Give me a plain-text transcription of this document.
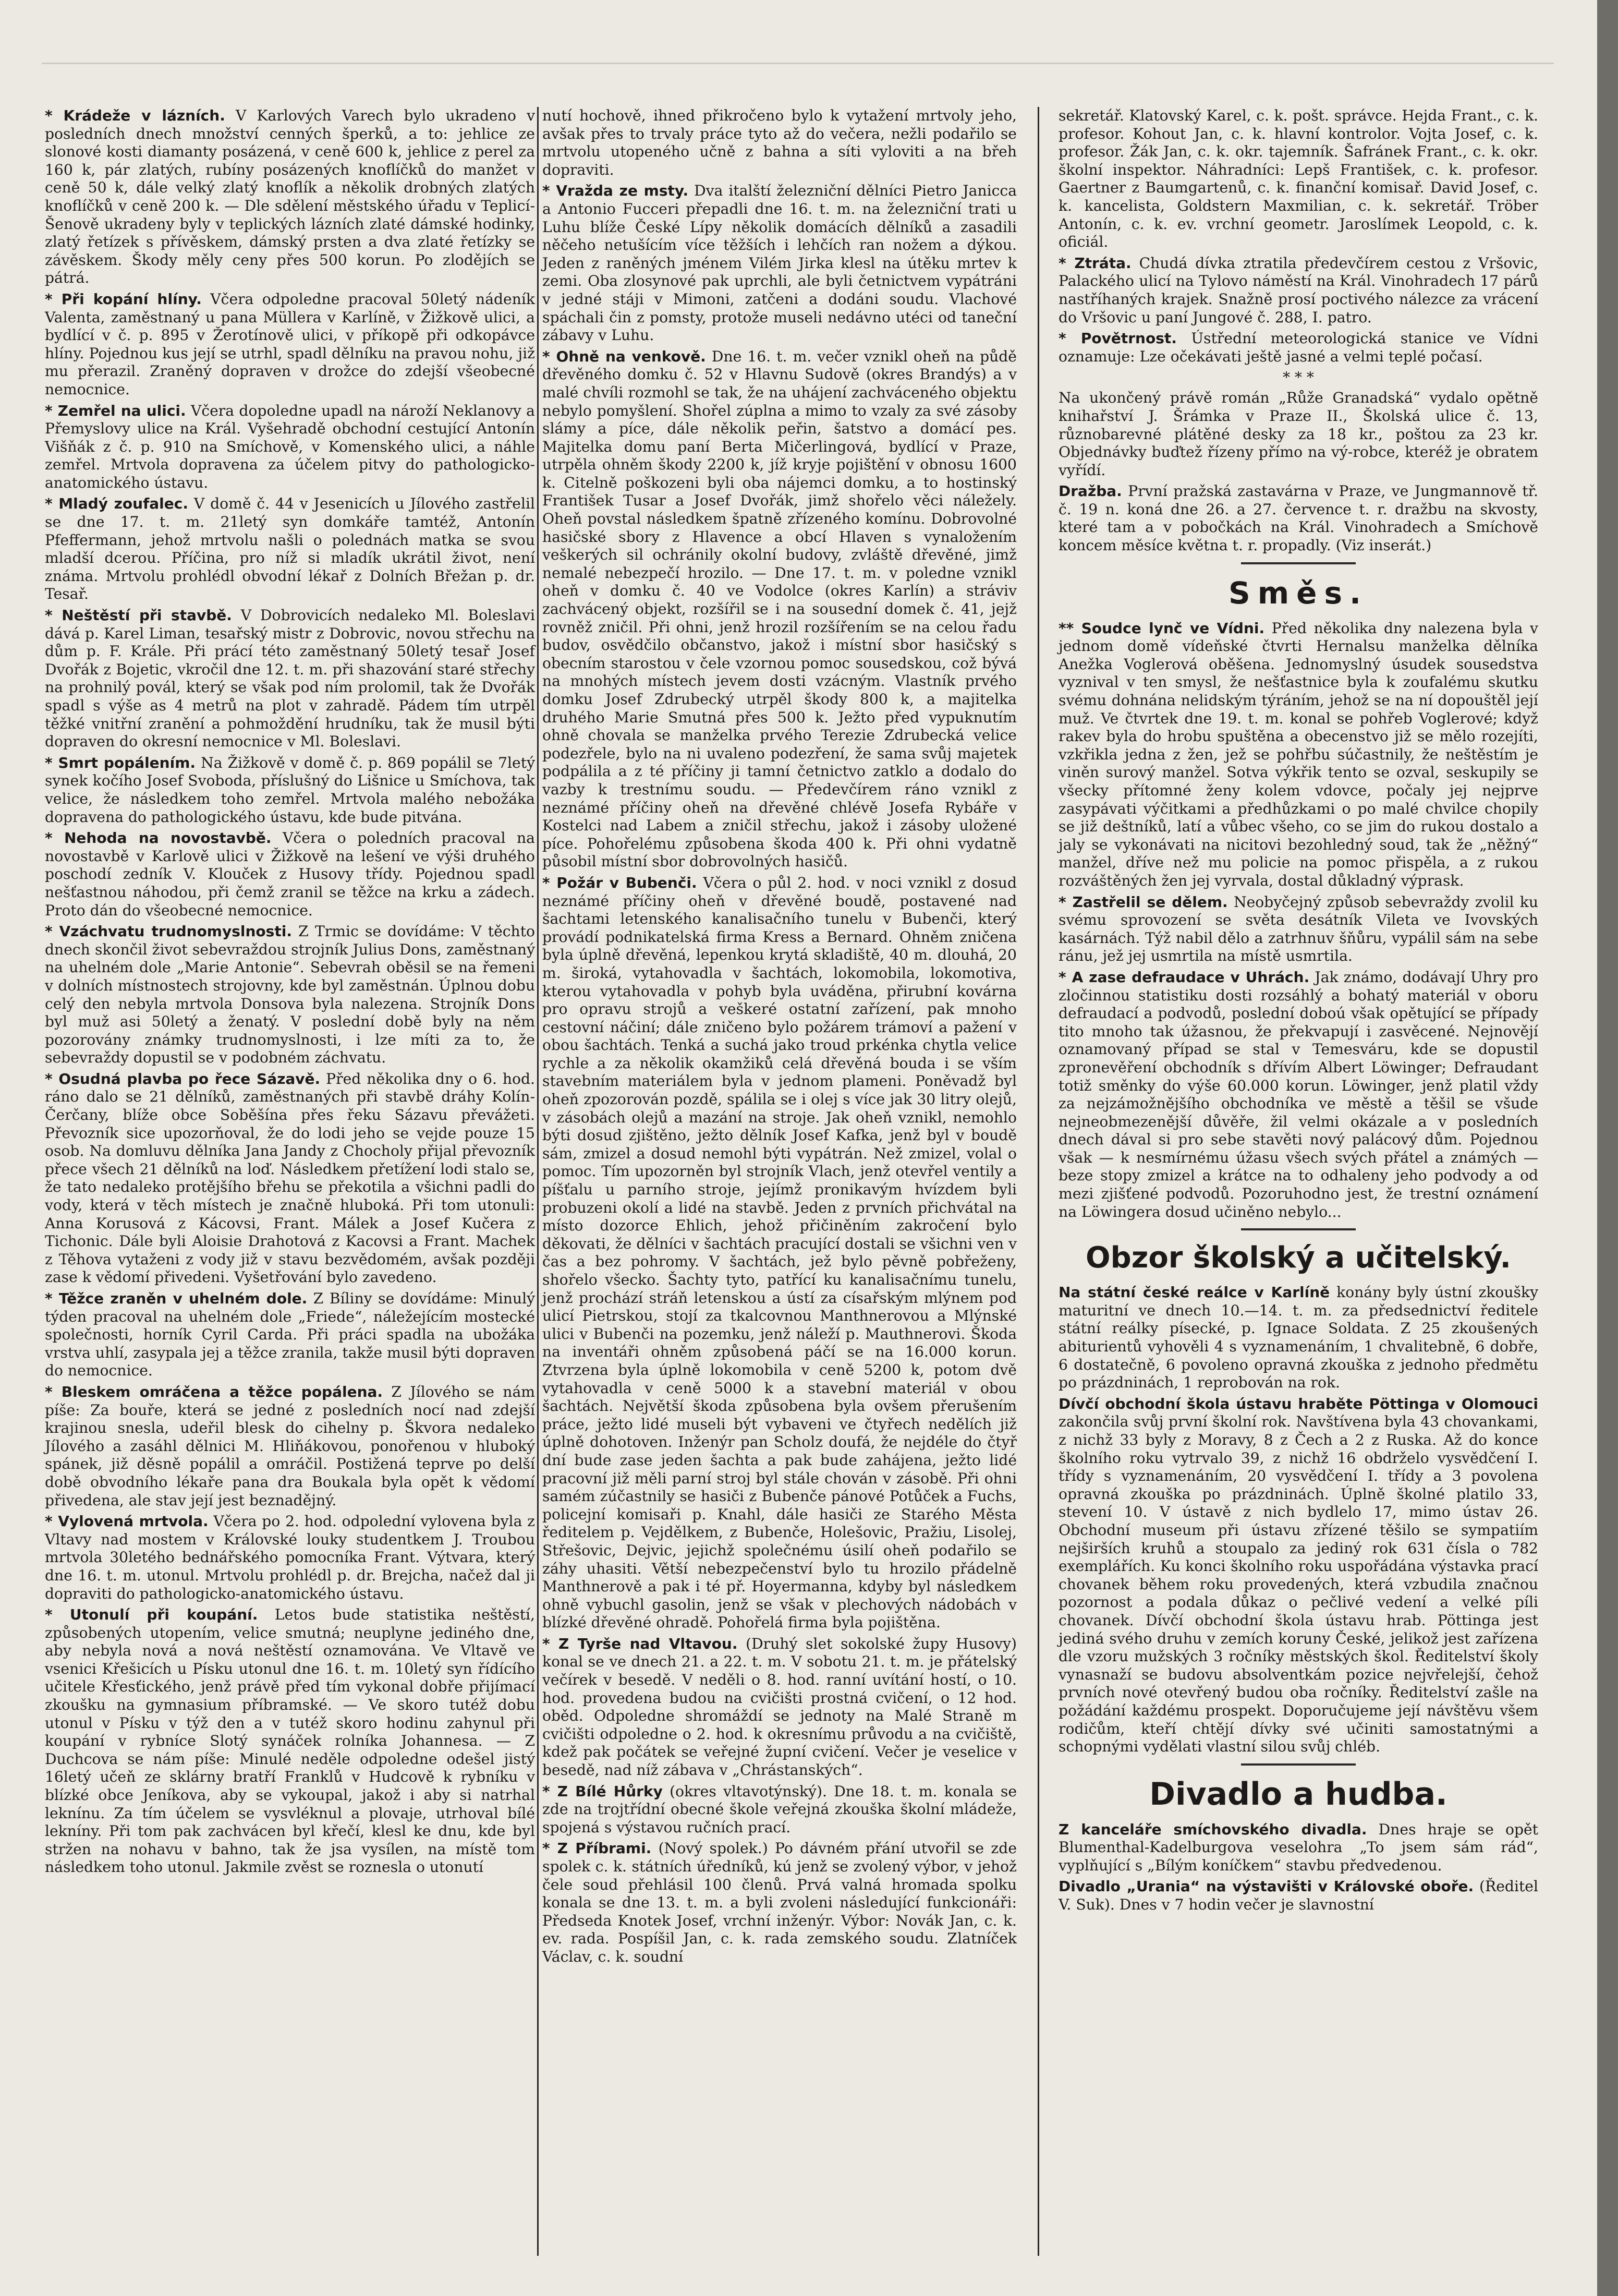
* Krádeže v lázních. V Karlových Varech bylo ukradeno v posledních dnech množství cenných šperků, a to: jehlice ze slonové kosti diamanty posázená, v ceně 600 k, jehlice z perel za 160 k, pár zlatých, rubíny posázených knoflíčků do manžet v ceně 50 k, dále velký zlatý knoflík a několik drobných zlatých knoflíčků v ceně 200 k. — Dle sdělení městského úřadu v Teplicí-Šenově ukradeny byly v teplických lázních zlaté dámské hodinky, zlatý řetízek s přívěskem, dámský prsten a dva zlaté řetízky se závěskem. Škody měly ceny přes 500 korun. Po zlodějích se pátrá.

* Při kopání hlíny. Včera odpoledne pracoval 50letý nádeník Valenta, zaměstnaný u pana Müllera v Karlíně, v Žižkově ulici, a bydlící v č. p. 895 v Žerotínově ulici, v příkopě při odkopávce hlíny. Pojednou kus její se utrhl, spadl dělníku na pravou nohu, již mu přerazil. Zraněný dopraven v drožce do zdejší všeobecné nemocnice.

* Zemřel na ulici. Včera dopoledne upadl na nároží Neklanovy a Přemyslovy ulice na Král. Vyšehradě obchodní cestující Antonín Višňák z č. p. 910 na Smíchově, v Komenského ulici, a náhle zemřel. Mrtvola dopravena za účelem pitvy do pathologicko-anatomického ústavu.

* Mladý zoufalec. V domě č. 44 v Jesenicích u Jílového zastřelil se dne 17. t. m. 21letý syn domkáře tamtéž, Antonín Pfeffermann, jehož mrtvolu našli o polednách matka se svou mladší dcerou. Příčina, pro níž si mladík ukrátil život, není známa. Mrtvolu prohlédl obvodní lékař z Dolních Břežan p. dr. Tesař.

* Neštěstí při stavbě. V Dobrovicích nedaleko Ml. Boleslavi dává p. Karel Liman, tesařský mistr z Dobrovic, novou střechu na dům p. F. Krále. Při prácí této zaměstnaný 50letý tesař Josef Dvořák z Bojetic, vkročil dne 12. t. m. při shazování staré střechy na prohnilý povál, který se však pod ním prolomil, tak že Dvořák spadl s výše as 4 metrů na plot v zahradě. Pádem tím utrpěl těžké vnitřní zranění a pohmoždění hrudníku, tak že musil býti dopraven do okresní nemocnice v Ml. Boleslavi.

* Smrt popálením. Na Žižkově v domě č. p. 869 popálil se 7letý synek kočího Josef Svoboda, příslušný do Lišnice u Smíchova, tak velice, že následkem toho zemřel. Mrtvola malého nebožáka dopravena do pathologického ústavu, kde bude pitvána.

* Nehoda na novostavbě. Včera o poledních pracoval na novostavbě v Karlově ulici v Žižkově na lešení ve výši druhého poschodí zedník V. Klouček z Husovy třídy. Pojednou spadl nešťastnou náhodou, při čemž zranil se těžce na krku a zádech. Proto dán do všeobecné nemocnice.

* Vzáchvatu trudnomyslnosti. Z Trmic se dovídáme: V těchto dnech skončil život sebevraždou strojník Julius Dons, zaměstnaný na uhelném dole „Marie Antonie“. Sebevrah oběsil se na řemeni v dolních místnostech strojovny, kde byl zaměstnán. Úplnou dobu celý den nebyla mrtvola Donsova byla nalezena. Strojník Dons byl muž asi 50letý a ženatý. V poslední době byly na něm pozorovány známky trudnomyslnosti, i lze míti za to, že sebevraždy dopustil se v podobném záchvatu.

* Osudná plavba po řece Sázavě. Před několika dny o 6. hod. ráno dalo se 21 dělníků, zaměstnaných při stavbě dráhy Kolín-Čerčany, blíže obce Soběšína přes řeku Sázavu převážeti. Převozník sice upozorňoval, že do lodi jeho se vejde pouze 15 osob. Na domluvu dělníka Jana Jandy z Chocholy přijal převozník přece všech 21 dělníků na loď. Následkem přetížení lodi stalo se, že tato nedaleko protějšího břehu se překotila a všichni padli do vody, která v těch místech je značně hluboká. Při tom utonuli: Anna Korusová z Kácovsi, Frant. Málek a Josef Kučera z Tichonic. Dále byli Aloisie Drahotová z Kacovsi a Frant. Machek z Těhova vytaženi z vody již v stavu bezvědomém, avšak později zase k vědomí přivedeni. Vyšetřování bylo zavedeno.

* Těžce zraněn v uhelném dole. Z Bíliny se dovídáme: Minulý týden pracoval na uhelném dole „Friede“, náležejícím mostecké společnosti, horník Cyril Carda. Při práci spadla na ubožáka vrstva uhlí, zasypala jej a těžce zranila, takže musil býti dopraven do nemocnice.

* Bleskem omráčena a těžce popálena. Z Jílového se nám píše: Za bouře, která se jedné z posledních nocí nad zdejší krajinou snesla, udeřil blesk do cihelny p. Škvora nedaleko Jílového a zasáhl dělnici M. Hliňákovou, ponořenou v hluboký spánek, již děsně popálil a omráčil. Postižená teprve po delší době obvodního lékaře pana dra Boukala byla opět k vědomí přivedena, ale stav její jest beznadějný.

* Vylovená mrtvola. Včera po 2. hod. odpolední vylovena byla z Vltavy nad mostem v Královské louky studentkem J. Troubou mrtvola 30letého bednářského pomocníka Frant. Výtvara, který dne 16. t. m. utonul. Mrtvolu prohlédl p. dr. Brejcha, načež dal ji dopraviti do pathologicko-anatomického ústavu.

* Utonulí při koupání. Letos bude statistika neštěstí, způsobených utopením, velice smutná; neuplyne jediného dne, aby nebyla nová a nová neštěstí oznamována. Ve Vltavě ve vsenici Křešicích u Písku utonul dne 16. t. m. 10letý syn řídícího učitele Křesťického, jenž právě před tím vykonal dobře přijímací zkoušku na gymnasium příbramské. — Ve skoro tutéž dobu utonul v Písku v týž den a v tutéž skoro hodinu zahynul při koupání v rybníce Slotý synáček rolníka Johannesa. — Z Duchcova se nám píše: Minulé neděle odpoledne odešel jistý 16letý učeň ze sklárny bratří Franklů v Hudcově k rybníku v blízké obce Jeníkova, aby se vykoupal, jakož i aby si natrhal leknínu. Za tím účelem se vysvléknul a plovaje, utrhoval bílé lekníny. Při tom pak zachvácen byl křečí, klesl ke dnu, kde byl stržen na nohavu v bahno, tak že jsa vysílen, na místě tom následkem toho utonul. Jakmile zvěst se roznesla o utonutí

nutí hochově, ihned přikročeno bylo k vytažení mrtvoly jeho, avšak přes to trvaly práce tyto až do večera, nežli podařilo se mrtvolu utopeného učně z bahna a síti vyloviti a na břeh dopraviti.

* Vražda ze msty. Dva italští železniční dělníci Pietro Janicca a Antonio Fucceri přepadli dne 16. t. m. na železniční trati u Luhu blíže České Lípy několik domácích dělníků a zasadili něčeho netušícím více těžších i lehčích ran nožem a dýkou. Jeden z raněných jménem Vilém Jirka klesl na útěku mrtev k zemi. Oba zlosynové pak uprchli, ale byli četnictvem vypátráni v jedné stáji v Mimoni, zatčeni a dodáni soudu. Vlachové spáchali čin z pomsty, protože museli nedávno utéci od taneční zábavy v Luhu.

* Ohně na venkově. Dne 16. t. m. večer vznikl oheň na půdě dřevěného domku č. 52 v Hlavnu Sudově (okres Brandýs) a v malé chvíli rozmohl se tak, že na uhájení zachváceného objektu nebylo pomyšlení. Shořel zúplna a mimo to vzaly za své zásoby slámy a píce, dále několik peřin, šatstvo a domácí pes. Majitelka domu paní Berta Mičerlingová, bydlící v Praze, utrpěla ohněm škody 2200 k, jíž kryje pojištění v obnosu 1600 k. Citelně poškozeni byli oba nájemci domku, a to hostinský František Tusar a Josef Dvořák, jimž shořelo věci náležely. Oheň povstal následkem špatně zřízeného komínu. Dobrovolné hasičské sbory z Hlavence a obcí Hlaven s vynaložením veškerých sil ochránily okolní budovy, zvláště dřevěné, jimž nemalé nebezpečí hrozilo. — Dne 17. t. m. v poledne vznikl oheň v domku č. 40 ve Vodolce (okres Karlín) a stráviv zachvácený objekt, rozšířil se i na sousední domek č. 41, jejž rovněž zničil. Při ohni, jenž hrozil rozšířením se na celou řadu budov, osvědčilo občanstvo, jakož i místní sbor hasičský s obecním starostou v čele vzornou pomoc sousedskou, což bývá na mnohých místech jevem dosti vzácným. Vlastník prvého domku Josef Zdrubecký utrpěl škody 800 k, a majitelka druhého Marie Smutná přes 500 k. Ježto před vypuknutím ohně chovala se manželka prvého Terezie Zdrubecká velice podezřele, bylo na ni uvaleno podezření, že sama svůj majetek podpálila a z té příčiny ji tamní četnictvo zatklo a dodalo do vazby k trestnímu soudu. — Předevčírem ráno vznikl z neznámé příčiny oheň na dřevěné chlévě Josefa Rybáře v Kostelci nad Labem a zničil střechu, jakož i zásoby uložené píce. Pohořelému způsobena škoda 400 k. Při ohni vydatně působil místní sbor dobrovolných hasičů.

* Požár v Bubenči. Včera o půl 2. hod. v noci vznikl z dosud neznámé příčiny oheň v dřevěné boudě, postavené nad šachtami letenského kanalisačního tunelu v Bubenči, který provádí podnikatelská firma Kress a Bernard. Ohněm zničena byla úplně dřevěná, lepenkou krytá skladiště, 40 m. dlouhá, 20 m. široká, vytahovadla v šachtách, lokomobila, lokomotiva, kterou vytahovadla v pohyb byla uváděna, přirubní kovárna pro opravu strojů a veškeré ostatní zařízení, pak mnoho cestovní náčiní; dále zničeno bylo požárem trámoví a pažení v obou šachtách. Tenká a suchá jako troud prkénka chytla velice rychle a za několik okamžiků celá dřevěná bouda i se vším stavebním materiálem byla v jednom plameni. Poněvadž byl oheň zpozorován pozdě, spálila se i olej s více jak 30 litry olejů, v zásobách olejů a mazání na stroje. Jak oheň vznikl, nemohlo býti dosud zjištěno, ježto dělník Josef Kafka, jenž byl v boudě sám, zmizel a dosud nemohl býti vypátrán. Než zmizel, volal o pomoc. Tím upozorněn byl strojník Vlach, jenž otevřel ventily a píšťalu u parního stroje, jejímž pronikavým hvízdem byli probuzeni okolí a lidé na stavbě. Jeden z prvních přichvátal na místo dozorce Ehlich, jehož přičiněním zakročení bylo děkovati, že dělníci v šachtách pracující dostali se všichni ven v čas a bez pohromy. V šachtách, jež bylo pěvně pobřeženy, shořelo všecko. Šachty tyto, patřící ku kanalisačnímu tunelu, jenž prochází stráň letenskou a ústí za císařským mlýnem pod ulicí Pietrskou, stojí za tkalcovnou Manthnerovou a Mlýnské ulici v Bubenči na pozemku, jenž náleží p. Mauthnerovi. Škoda na inventáři ohněm způsobená páčí se na 16.000 korun. Ztvrzena byla úplně lokomobila v ceně 5200 k, potom dvě vytahovadla v ceně 5000 k a stavební materiál v obou šachtách. Největší škoda způsobena byla ovšem přerušením práce, ježto lidé museli být vybaveni ve čtyřech nedělích již úplně dohotoven. Inženýr pan Scholz doufá, že nejdéle do čtyř dní bude zase jeden šachta a pak bude zahájena, ježto lidé pracovní již měli parní stroj byl stále chován v zásobě. Při ohni samém zúčastnily se hasiči z Bubenče pánové Potůček a Fuchs, policejní komisaři p. Knahl, dále hasiči ze Starého Města ředitelem p. Vejdělkem, z Bubenče, Holešovic, Pražiu, Lisolej, Střešovic, Dejvic, jejichž společnému úsilí oheň podařilo se záhy uhasiti. Větší nebezpečenství bylo tu hrozilo přádelně Manthnerově a pak i té př. Hoyermanna, kdyby byl následkem ohně vybuchl gasolin, jenž se však v plechových nádobách v blízké dřevěné ohradě. Pohořelá firma byla pojištěna.

* Z Tyrše nad Vltavou. (Druhý slet sokolské župy Husovy) konal se ve dnech 21. a 22. t. m. V sobotu 21. t. m. je přátelský večírek v besedě. V neděli o 8. hod. ranní uvítání hostí, o 10. hod. provedena budou na cvičišti prostná cvičení, o 12 hod. oběd. Odpoledne shromáždí se jednoty na Malé Straně m cvičišti odpoledne o 2. hod. k okresnímu průvodu a na cvičiště, kdež pak počátek se veřejné župní cvičení. Večer je veselice v besedě, nad níž zábava v „Chrástanských“.

* Z Bílé Hůrky (okres vltavotýnský). Dne 18. t. m. konala se zde na trojtřídní obecné škole veřejná zkouška školní mládeže, spojená s výstavou ručních prací.

* Z Příbrami. (Nový spolek.) Po dávném přání utvořil se zde spolek c. k. státních úředníků, kú jenž se zvolený výbor, v jehož čele soud přehlásil 100 členů. Prvá valná hromada spolku konala se dne 13. t. m. a byli zvoleni následující funkcionáři: Předseda Knotek Josef, vrchní inženýr. Výbor: Novák Jan, c. k. ev. rada. Pospíšil Jan, c. k. rada zemského soudu. Zlatníček Václav, c. k. soudní

sekretář. Klatovský Karel, c. k. pošt. správce. Hejda Frant., c. k. profesor. Kohout Jan, c. k. hlavní kontrolor. Vojta Josef, c. k. profesor. Žák Jan, c. k. okr. tajemník. Šafránek Frant., c. k. okr. školní inspektor. Náhradníci: Lepš František, c. k. profesor. Gaertner z Baumgartenů, c. k. finanční komisař. David Josef, c. k. kancelista, Goldstern Maxmilian, c. k. sekretář. Tröber Antonín, c. k. ev. vrchní geometr. Jaroslímek Leopold, c. k. oficiál.

* Ztráta. Chudá dívka ztratila předevčírem cestou z Vršovic, Palackého ulicí na Tylovo náměstí na Král. Vinohradech 17 párů nastříhaných krajek. Snažně prosí poctivého nálezce za vrácení do Vršovic u paní Jungové č. 288, I. patro.

* Povětrnost. Ústřední meteorologická stanice ve Vídni oznamuje: Lze očekávati ještě jasné a velmi teplé počasí.

* * *

Na ukončený právě román „Růže Granadská“ vydalo opětně knihařství J. Šrámka v Praze II., Školská ulice č. 13, různobarevné plátěné desky za 18 kr., poštou za 23 kr. Objednávky buďtež řízeny přímo na vý-robce, kteréž je obratem vyřídí.

Dražba. První pražská zastavárna v Praze, ve Jungmannově tř. č. 19 n. koná dne 26. a 27. července t. r. dražbu na skvosty, které tam a v pobočkách na Král. Vinohradech a Smíchově koncem měsíce května t. r. propadly. (Viz inserát.)

Směs.

** Soudce lynč ve Vídni. Před několika dny nalezena byla v jednom domě vídeňské čtvrti Hernalsu manželka dělníka Anežka Voglerová oběšena. Jednomyslný úsudek sousedstva vyznival v ten smysl, že nešťastnice byla k zoufalému skutku svému dohnána nelidským týráním, jehož se na ní dopouštěl její muž. Ve čtvrtek dne 19. t. m. konal se pohřeb Voglerové; když rakev byla do hrobu spuštěna a obecenstvo již se mělo rozejíti, vzkřikla jedna z žen, jež se pohřbu súčastnily, že neštěstím je viněn surový manžel. Sotva výkřik tento se ozval, seskupily se všecky přítomné ženy kolem vdovce, počaly jej nejprve zasypávati výčitkami a předhůzkami o po malé chvilce chopily se již deštníků, latí a vůbec všeho, co se jim do rukou dostalo a jaly se vykonávati na nicitovi bezohledný soud, tak že „něžný“ manžel, dříve než mu policie na pomoc přispěla, a z rukou rozváštěných žen jej vyrvala, dostal důkladný výprask.

* Zastřelil se dělem. Neobyčejný způsob sebevraždy zvolil ku svému sprovození se světa desátník Vileta ve Ivovských kasárnách. Týž nabil dělo a zatrhnuv šňůru, vypálil sám na sebe ránu, jež jej usmrtila na místě usmrtila.

* A zase defraudace v Uhrách. Jak známo, dodávají Uhry pro zločinnou statistiku dosti rozsáhlý a bohatý materiál v oboru defraudací a podvodů, poslední doboú však opětující se případy tito mnoho tak úžasnou, že překvapují i zasvěcené. Nejnovějí oznamovaný případ se stal v Temesváru, kde se dopustil zpronevěření obchodník s dřívím Albert Löwinger; Defraudant totiž směnky do výše 60.000 korun. Löwinger, jenž platil vždy za nejzámožnějšího obchodníka ve městě a těšil se všude nejneobmezenější důvěře, žil velmi okázale a v posledních dnech dával si pro sebe stavěti nový palácový dům. Pojednou však — k nesmírnému úžasu všech svých přátel a známých — beze stopy zmizel a krátce na to odhaleny jeho podvody a od mezi zjišťené podvodů. Pozoruhodno jest, že trestní oznámení na Löwingera dosud učiněno nebylo...

Obzor školský a učitelský.

Na státní české reálce v Karlíně konány byly ústní zkoušky maturitní ve dnech 10.—14. t. m. za předsednictví ředitele státní reálky písecké, p. Ignace Soldata. Z 25 zkoušených abiturientů vyhověli 4 s vyznamenáním, 1 chvalitebně, 6 dobře, 6 dostatečně, 6 povoleno opravná zkouška z jednoho předmětu po prázdninách, 1 reprobován na rok.

Dívčí obchodní škola ústavu hraběte Pöttinga v Olomouci zakončila svůj první školní rok. Navštívena byla 43 chovankami, z nichž 33 byly z Moravy, 8 z Čech a 2 z Ruska. Až do konce školního roku vytrvalo 39, z nichž 16 obdrželo vysvědčení I. třídy s vyznamenáním, 20 vysvědčení I. třídy a 3 povolena opravná zkouška po prázdninách. Úplně školné platilo 33, stevení 10. V ústavě z nich bydlelo 17, mimo ústav 26. Obchodní museum při ústavu zřízené těšilo se sympatiím nejširších kruhů a stoupalo za jediný rok 631 čísla o 782 exemplářích. Ku konci školního roku uspořádána výstavka prací chovanek během roku provedených, která vzbudila značnou pozornost a podala důkaz o pečlivé vedení a velké píli chovanek. Dívčí obchodní škola ústavu hrab. Pöttinga jest jediná svého druhu v zemích koruny České, jelikož jest zařízena dle vzoru mužských 3 ročníky městských škol. Ředitelství školy vynasnaží se budovu absolventkám pozice nejvřelejší, čehož prvních nové otevřený budou oba ročníky. Ředitelství zašle na požádání každému prospekt. Doporučujeme její návštěvu všem rodičům, kteří chtějí dívky své učiniti samostatnými a schopnými vydělati vlastní silou svůj chléb.

Divadlo a hudba.

Z kanceláře smíchovského divadla. Dnes hraje se opět Blumenthal-Kadelburgova veselohra „To jsem sám rád“, vyplňující s „Bílým koníčkem“ stavbu předvedenou.

Divadlo „Urania“ na výstavišti v Královské oboře. (Ředitel V. Suk). Dnes v 7 hodin večer je slavnostní
